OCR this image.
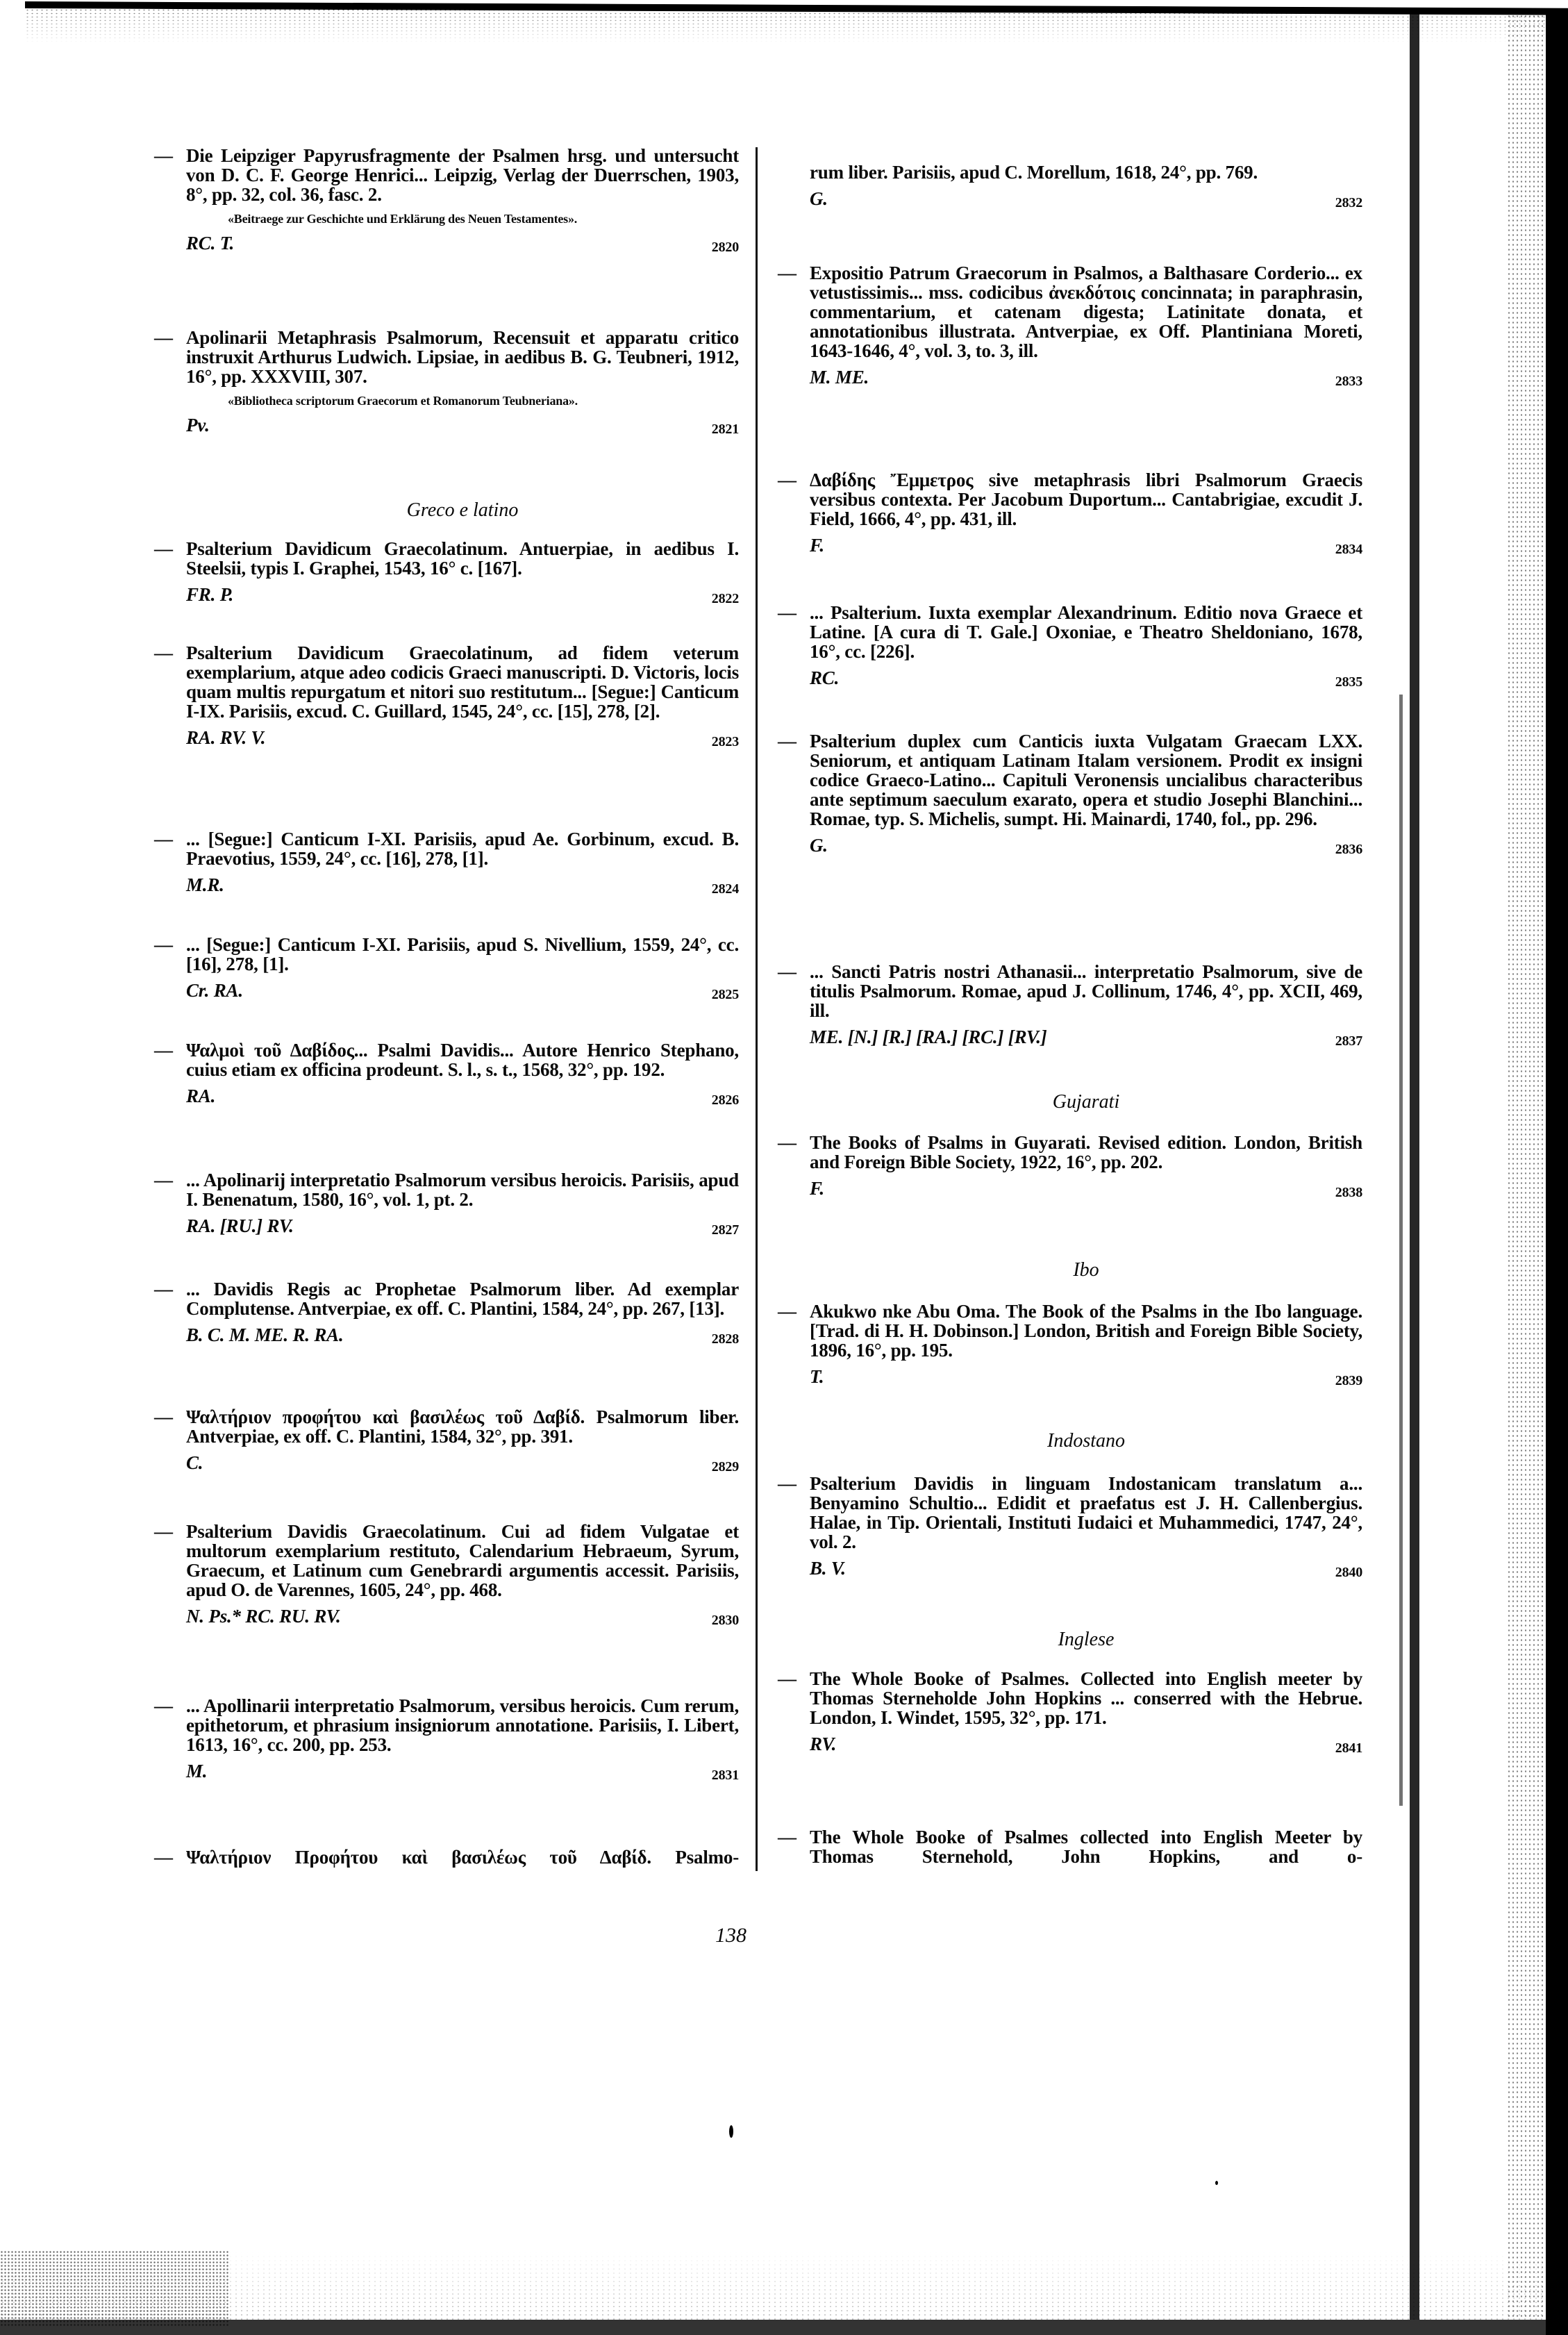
— Die Leipziger Papyrusfragmente der Psalmen hrsg. und untersucht von D. C. F. George Henrici... Leipzig, Verlag der Duerrschen, 1903, 8°, pp. 32, col. 36, fasc. 2.
«Beitraege zur Geschichte und Erklärung des Neuen Testamentes».
RC. T.	2820
— Apolinarii Metaphrasis Psalmorum, Recensuit et apparatu critico instruxit Arthurus Ludwich. Lipsiae, in aedibus B. G. Teubneri, 1912, 16°, pp. XXXVIII, 307.
«Bibliotheca scriptorum Graecorum et Romanorum Teubneriana».
Pv.	2821
Greco e latino
— Psalterium Davidicum Graecolatinum. Antuerpiae, in aedibus I. Steelsii, typis I. Graphei, 1543, 16° c. [167].
FR. P.	2822
— Psalterium Davidicum Graecolatinum, ad fidem veterum exemplarium, atque adeo codicis Graeci manuscripti. D. Victoris, locis quam multis repurgatum et nitori suo restitutum... [Segue:] Canticum I-IX. Parisiis, excud. C. Guillard, 1545, 24°, cc. [15], 278, [2].
RA. RV. V.	2823
— ... [Segue:] Canticum I-XI. Parisiis, apud Ae. Gorbinum, excud. B. Praevotius, 1559, 24°, cc. [16], 278, [1].
M.R.	2824
— ... [Segue:] Canticum I-XI. Parisiis, apud S. Nivellium, 1559, 24°, cc. [16], 278, [1].
Cr. RA.	2825
— Ψαλμοὶ τοῦ Δαβίδος... Psalmi Davidis... Autore Henrico Stephano, cuius etiam ex officina prodeunt. S. l., s. t., 1568, 32°, pp. 192.
RA.	2826
— ... Apolinarij interpretatio Psalmorum versibus heroicis. Parisiis, apud I. Benenatum, 1580, 16°, vol. 1, pt. 2.
RA. [RU.] RV.	2827
— ... Davidis Regis ac Prophetae Psalmorum liber. Ad exemplar Complutense. Antverpiae, ex off. C. Plantini, 1584, 24°, pp. 267, [13].
B. C. M. ME. R. RA.	2828
— Ψαλτήριον προφήτου καὶ βασιλέως τοῦ Δαβίδ. Psalmorum liber. Antverpiae, ex off. C. Plantini, 1584, 32°, pp. 391.
C.	2829
— Psalterium Davidis Graecolatinum. Cui ad fidem Vulgatae et multorum exemplarium restituto, Calendarium Hebraeum, Syrum, Graecum, et Latinum cum Genebrardi argumentis accessit. Parisiis, apud O. de Varennes, 1605, 24°, pp. 468.
N. Ps.* RC. RU. RV.	2830
— ... Apollinarii interpretatio Psalmorum, versibus heroicis. Cum rerum, epithetorum, et phrasium insigniorum annotatione. Parisiis, I. Libert, 1613, 16°, cc. 200, pp. 253.
M.	2831
— Ψαλτήριον Προφήτου καὶ βασιλέως τοῦ Δαβίδ. Psalmo-
rum liber. Parisiis, apud C. Morellum, 1618, 24°, pp. 769.
G.	2832
— Expositio Patrum Graecorum in Psalmos, a Balthasare Corderio... ex vetustissimis... mss. codicibus ἀνεκδότοις concinnata; in paraphrasin, commentarium, et catenam digesta; Latinitate donata, et annotationibus illustrata. Antverpiae, ex Off. Plantiniana Moreti, 1643-1646, 4°, vol. 3, to. 3, ill.
M. ME.	2833
— Δαβίδης Ἔμμετρος sive metaphrasis libri Psalmorum Graecis versibus contexta. Per Jacobum Duportum... Cantabrigiae, excudit J. Field, 1666, 4°, pp. 431, ill.
F.	2834
— ... Psalterium. Iuxta exemplar Alexandrinum. Editio nova Graece et Latine. [A cura di T. Gale.] Oxoniae, e Theatro Sheldoniano, 1678, 16°, cc. [226].
RC.	2835
— Psalterium duplex cum Canticis iuxta Vulgatam Graecam LXX. Seniorum, et antiquam Latinam Italam versionem. Prodit ex insigni codice Graeco-Latino... Capituli Veronensis uncialibus characteribus ante septimum saeculum exarato, opera et studio Josephi Blanchini... Romae, typ. S. Michelis, sumpt. Hi. Mainardi, 1740, fol., pp. 296.
G.	2836
— ... Sancti Patris nostri Athanasii... interpretatio Psalmorum, sive de titulis Psalmorum. Romae, apud J. Collinum, 1746, 4°, pp. XCII, 469, ill.
ME. [N.] [R.] [RA.] [RC.] [RV.]	2837
Gujarati
— The Books of Psalms in Guyarati. Revised edition. London, British and Foreign Bible Society, 1922, 16°, pp. 202.
F.	2838
Ibo
— Akukwo nke Abu Oma. The Book of the Psalms in the Ibo language. [Trad. di H. H. Dobinson.] London, British and Foreign Bible Society, 1896, 16°, pp. 195.
T.	2839
Indostano
— Psalterium Davidis in linguam Indostanicam translatum a... Benyamino Schultio... Edidit et praefatus est J. H. Callenbergius. Halae, in Tip. Orientali, Instituti Iudaici et Muhammedici, 1747, 24°, vol. 2.
B. V.	2840
Inglese
— The Whole Booke of Psalmes. Collected into English meeter by Thomas Sterneholde John Hopkins ... conserred with the Hebrue. London, I. Windet, 1595, 32°, pp. 171.
RV.	2841
— The Whole Booke of Psalmes collected into English Meeter by Thomas Sternehold, John Hopkins, and o-
138
